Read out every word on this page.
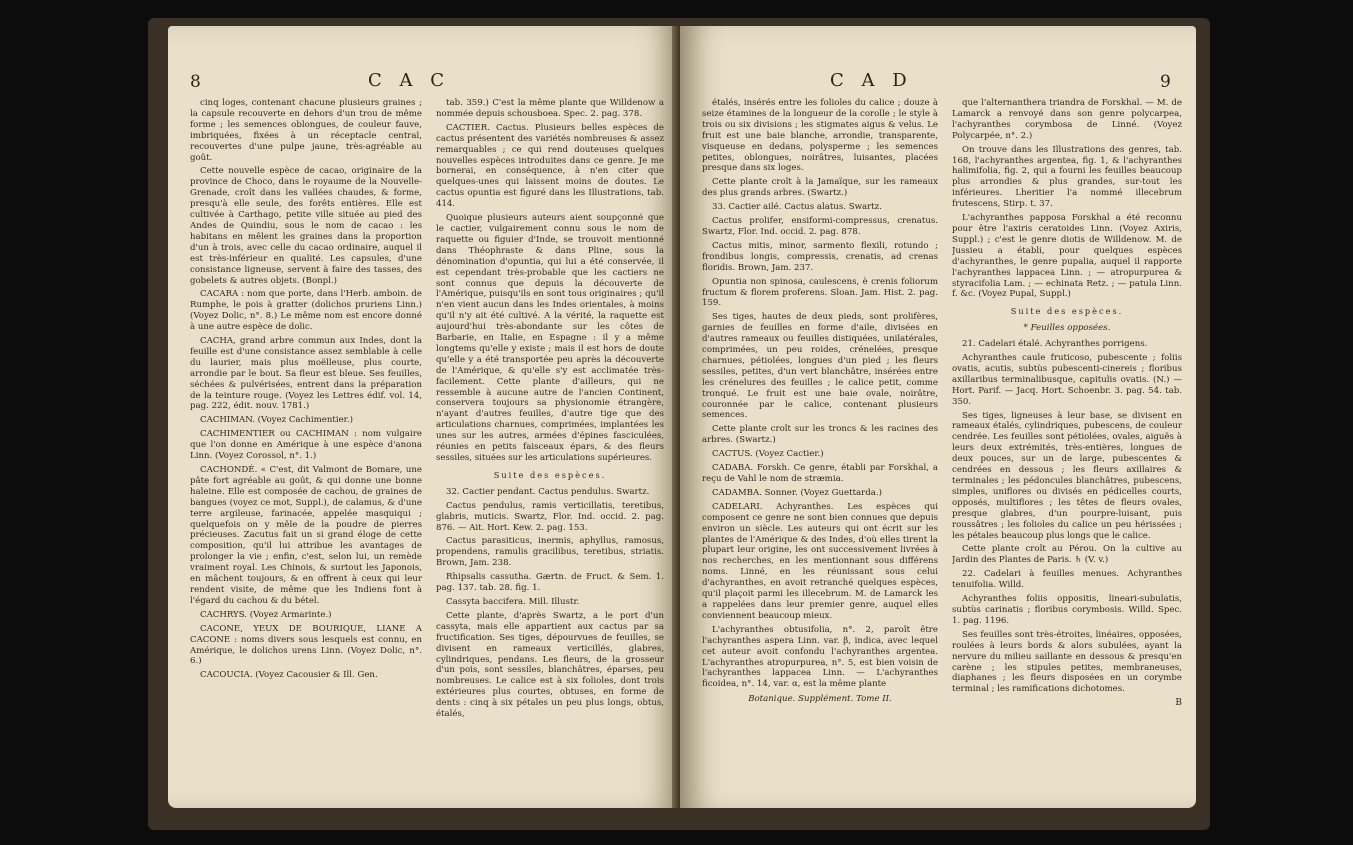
C A C
8

cinq loges, contenant chacune plusieurs graines ; la capsule recouverte en dehors d'un trou de même forme ; les semences oblongues, de couleur fauve, imbriquées, fixées à un réceptacle central, recouvertes d'une pulpe jaune, très-agréable au goût.

Cette nouvelle espèce de cacao, originaire de la province de Choco, dans le royaume de la Nouvelle-Grenade, croît dans les vallées chaudes, & forme, presqu'à elle seule, des forêts entières. Elle est cultivée à Carthago, petite ville située au pied des Andes de Quindiu, sous le nom de cacao : les habitans en mêlent les graines dans la proportion d'un à trois, avec celle du cacao ordinaire, auquel il est très-inférieur en qualité. Les capsules, d'une consistance ligneuse, servent à faire des tasses, des gobelets & autres objets. (Bonpl.)

CACARA : nom que porte, dans l'Herb. amboin. de Rumphe, le pois à gratter (dolichos pruriens Linn.) (Voyez Dolic, n°. 8.) Le même nom est encore donné à une autre espèce de dolic.

CACHA, grand arbre commun aux Indes, dont la feuille est d'une consistance assez semblable à celle du laurier, mais plus moëlleuse, plus courte, arrondie par le bout. Sa fleur est bleue. Ses feuilles, séchées & pulvérisées, entrent dans la préparation de la teinture rouge. (Voyez les Lettres édif. vol. 14, pag. 222, édit. nouv. 1781.)

CACHIMAN. (Voyez Cachimentier.)

CACHIMENTIER ou CACHIMAN : nom vulgaire que l'on donne en Amérique à une espèce d'anona Linn. (Voyez Corossol, n°. 1.)

CACHONDÉ. « C'est, dit Valmont de Bomare, une pâte fort agréable au goût, & qui donne une bonne haleine. Elle est composée de cachou, de graines de bangues (voyez ce mot, Suppl.), de calamus, & d'une terre argileuse, farinacée, appelée masquiqui ; quelquefois on y mêle de la poudre de pierres précieuses. Zacutus fait un si grand éloge de cette composition, qu'il lui attribue les avantages de prolonger la vie ; enfin, c'est, selon lui, un remède vraiment royal. Les Chinois, & surtout les Japonois, en mâchent toujours, & en offrent à ceux qui leur rendent visite, de même que les Indiens font à l'égard du cachou & du bétel.

CACHRYS. (Voyez Armarinte.)

CACONE, YEUX DE BOURIQUE, LIANE A CACONE : noms divers sous lesquels est connu, en Amérique, le dolichos urens Linn. (Voyez Dolic, n°. 6.)

CACOUCIA. (Voyez Cacousier & Ill. Gen.

tab. 359.) C'est la même plante que Willdenow a nommée depuis schousboea. Spec. 2. pag. 378.

CACTIER. Cactus. Plusieurs belles espèces de cactus présentent des variétés nombreuses & assez remarquables ; ce qui rend douteuses quelques nouvelles espèces introduites dans ce genre. Je me bornerai, en conséquence, à n'en citer que quelques-unes qui laissent moins de doutes. Le cactus opuntia est figuré dans les Illustrations, tab. 414.

Quoique plusieurs auteurs aient soupçonné que le cactier, vulgairement connu sous le nom de raquette ou figuier d'Inde, se trouvoit mentionné dans Théophraste & dans Pline, sous la dénomination d'opuntia, qui lui a été conservée, il est cependant très-probable que les cactiers ne sont connus que depuis la découverte de l'Amérique, puisqu'ils en sont tous originaires ; qu'il n'en vient aucun dans les Indes orientales, à moins qu'il n'y ait été cultivé. A la vérité, la raquette est aujourd'hui très-abondante sur les côtes de Barbarie, en Italie, en Espagne : il y a même longtems qu'elle y existe ; mais il est hors de doute qu'elle y a été transportée peu après la découverte de l'Amérique, & qu'elle s'y est acclimatée très-facilement. Cette plante d'ailleurs, qui ne ressemble à aucune autre de l'ancien Continent, conservera toujours sa physionomie étrangère, n'ayant d'autres feuilles, d'autre tige que des articulations charnues, comprimées, implantées les unes sur les autres, armées d'épines fasciculées, réunies en petits faisceaux épars, & des fleurs sessiles, situées sur les articulations supérieures.

Suite des espèces.

32. Cactier pendant. Cactus pendulus. Swartz.

Cactus pendulus, ramis verticillatis, teretibus, glabris, muticis. Swartz, Flor. Ind. occid. 2. pag. 876. — Ait. Hort. Kew. 2. pag. 153.

Cactus parasiticus, inermis, aphyllus, ramosus, propendens, ramulis gracilibus, teretibus, striatis. Brown, Jam. 238.

Rhipsalis cassutha. Gærtn. de Fruct. & Sem. 1. pag. 137. tab. 28. fig. 1.

Cassyta baccifera. Mill. Illustr.

Cette plante, d'après Swartz, a le port d'un cassyta, mais elle appartient aux cactus par sa fructification. Ses tiges, dépourvues de feuilles, se divisent en rameaux verticillés, glabres, cylindriques, pendans. Les fleurs, de la grosseur d'un pois, sont sessiles, blanchâtres, éparses, peu nombreuses. Le calice est à six folioles, dont trois extérieures plus courtes, obtuses, en forme de dents : cinq à six pétales un peu plus longs, obtus, étalés,

C A D	9

étalés, insérés entre les folioles du calice ; douze à seize étamines de la longueur de la corolle ; le style à trois ou six divisions ; les stigmates aigus & velus. Le fruit est une baie blanche, arrondie, transparente, visqueuse en dedans, polysperme ; les semences petites, oblongues, noirâtres, luisantes, placées presque dans six loges.

Cette plante croît à la Jamaïque, sur les rameaux des plus grands arbres. (Swartz.)

33. Cactier ailé. Cactus alatus. Swartz.

Cactus prolifer, ensiformi-compressus, crenatus. Swartz, Flor. Ind. occid. 2. pag. 878.

Cactus mitis, minor, sarmento flexili, rotundo ; frondibus longis, compressis, crenatis, ad crenas floridis. Brown, Jam. 237.

Opuntia non spinosa, caulescens, è crenis foliorum fructum & florem proferens. Sloan. Jam. Hist. 2. pag. 159.

Ses tiges, hautes de deux pieds, sont prolifères, garnies de feuilles en forme d'aile, divisées en d'autres rameaux ou feuilles distiquées, unilatérales, comprimées, un peu roides, crénelées, presque charnues, pétiolées, longues d'un pied ; les fleurs sessiles, petites, d'un vert blanchâtre, insérées entre les crénelures des feuilles ; le calice petit, comme tronqué. Le fruit est une baie ovale, noirâtre, couronnée par le calice, contenant plusieurs semences.

Cette plante croît sur les troncs & les racines des arbres. (Swartz.)

CACTUS. (Voyez Cactier.)

CADABA. Forskh. Ce genre, établi par Forskhal, a reçu de Vahl le nom de stræmia.

CADAMBA. Sonner. (Voyez Guettarda.)

CADELARI. Achyranthes. Les espèces qui composent ce genre ne sont bien connues que depuis environ un siècle. Les auteurs qui ont écrit sur les plantes de l'Amérique & des Indes, d'où elles tirent la plupart leur origine, les ont successivement livrées à nos recherches, en les mentionnant sous différens noms. Linné, en les réunissant sous celui d'achyranthes, en avoit retranché quelques espèces, qu'il plaçoit parmi les illecebrum. M. de Lamarck les a rappelées dans leur premier genre, auquel elles conviennent beaucoup mieux.

L'achyranthes obtusifolia, n°. 2, paroît être l'achyranthes aspera Linn. var. β, indica, avec lequel cet auteur avoit confondu l'achyranthes argentea. L'achyranthes atropurpurea, n°. 5, est bien voisin de l'achyranthes lappacea Linn. — L'achyranthes ficoidea, n°. 14, var. α, est la même plante

Botanique. Supplément. Tome II.

que l'alternanthera triandra de Forskhal. — M. de Lamarck a renvoyé dans son genre polycarpea, l'achyranthes corymbosa de Linné. (Voyez Polycarpée, n°. 2.)

On trouve dans les Illustrations des genres, tab. 168, l'achyranthes argentea, fig. 1, & l'achyranthes halimifolia, fig. 2, qui a fourni les feuilles beaucoup plus arrondies & plus grandes, sur-tout les inférieures. Lheritier l'a nommé illecebrum frutescens, Stirp. t. 37.

L'achyranthes papposa Forskhal a été reconnu pour être l'axiris ceratoides Linn. (Voyez Axiris, Suppl.) ; c'est le genre diotis de Willdenow. M. de Jussieu a établi, pour quelques espèces d'achyranthes, le genre pupalia, auquel il rapporte l'achyranthes lappacea Linn. ; — atropurpurea & styracifolia Lam. ; — echinata Retz. ; — patula Linn. f. &c. (Voyez Pupal, Suppl.)

Suite des espèces.

* Feuilles opposées.

21. Cadelari étalé. Achyranthes porrigens.

Achyranthes caule fruticoso, pubescente ; foliis ovatis, acutis, subtùs pubescenti-cinereis ; floribus axillaribus terminalibusque, capitulis ovatis. (N.) — Hort. Parif. — Jacq. Hort. Schoenbr. 3. pag. 54. tab. 350.

Ses tiges, ligneuses à leur base, se divisent en rameaux étalés, cylindriques, pubescens, de couleur cendrée. Les feuilles sont pétiolées, ovales, aiguës à leurs deux extrémités, très-entières, longues de deux pouces, sur un de large, pubescentes & cendrées en dessous ; les fleurs axillaires & terminales ; les pédoncules blanchâtres, pubescens, simples, uniflores ou divisés en pédicelles courts, opposés, multiflores ; les têtes de fleurs ovales, presque glabres, d'un pourpre-luisant, puis roussâtres ; les folioles du calice un peu hérissées ; les pétales beaucoup plus longs que le calice.

Cette plante croît au Pérou. On la cultive au Jardin des Plantes de Paris. ♄ (V. v.)

22. Cadelari à feuilles menues. Achyranthes tenuifolia. Willd.

Achyranthes foliis oppositis, lineari-subulatis, subtùs carinatis ; floribus corymbosis. Willd. Spec. 1. pag. 1196.

Ses feuilles sont très-étroites, linéaires, opposées, roulées à leurs bords & alors subulées, ayant la nervure du milieu saillante en dessous & presqu'en carène ; les stipules petites, membraneuses, diaphanes ; les fleurs disposées en un corymbe terminal ; les ramifications dichotomes.

B
